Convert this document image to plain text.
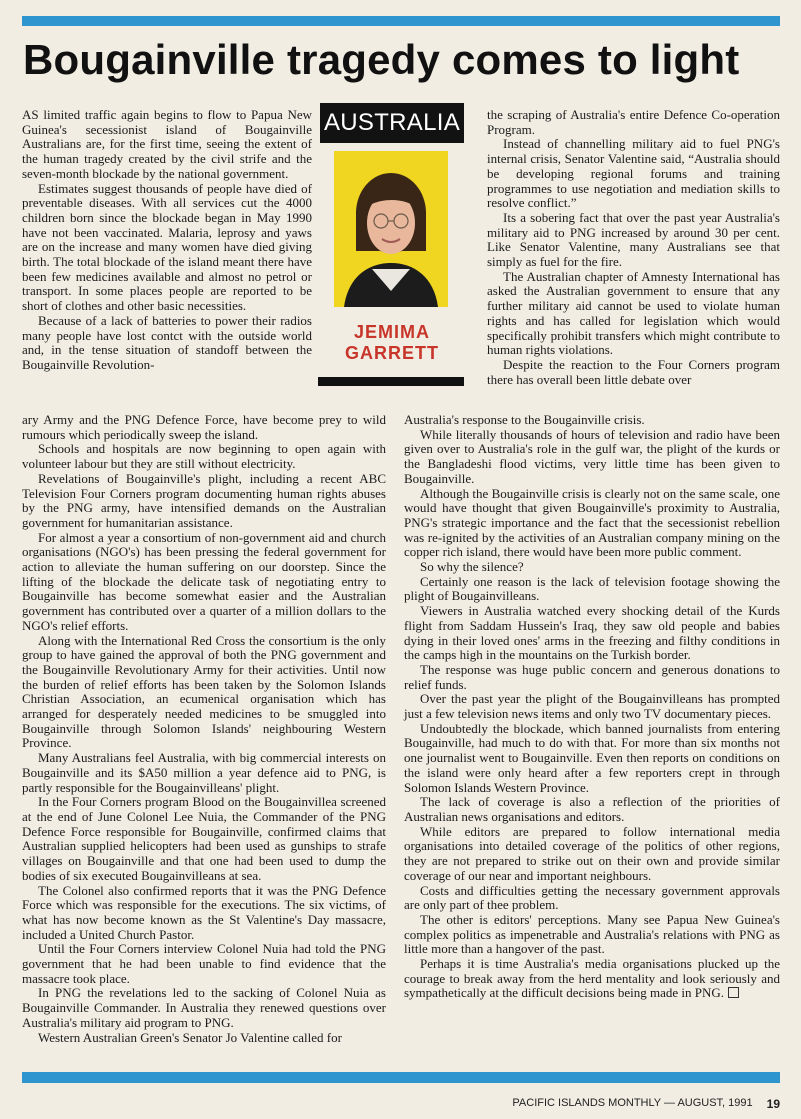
Bougainville tragedy comes to light

AS limited traffic again begins to flow to Papua New Guinea's secessionist island of Bougainville Australians are, for the first time, seeing the extent of the human tragedy created by the civil strife and the seven-month blockade by the national government.

Estimates suggest thousands of people have died of preventable diseases. With all services cut the 4000 children born since the blockade began in May 1990 have not been vaccinated. Malaria, leprosy and yaws are on the increase and many women have died giving birth. The total blockade of the island meant there have been few medicines available and almost no petrol or transport. In some places people are reported to be short of clothes and other basic necessities.

Because of a lack of batteries to power their radios many people have lost contct with the outside world and, in the tense situation of standoff between the Bougainville Revolution-

ary Army and the PNG Defence Force, have become prey to wild rumours which periodically sweep the island.

Schools and hospitals are now beginning to open again with volunteer labour but they are still without electricity.

Revelations of Bougainville's plight, including a recent ABC Television Four Corners program documenting human rights abuses by the PNG army, have intensified demands on the Australian government for humanitarian assistance.

For almost a year a consortium of non-government aid and church organisations (NGO's) has been pressing the federal government for action to alleviate the human suffering on our doorstep. Since the lifting of the blockade the delicate task of negotiating entry to Bougainville has become somewhat easier and the Australian government has contributed over a quarter of a million dollars to the NGO's relief efforts.

Along with the International Red Cross the consortium is the only group to have gained the approval of both the PNG government and the Bougainville Revolutionary Army for their activities. Until now the burden of relief efforts has been taken by the Solomon Islands Christian Association, an ecumenical organisation which has arranged for desperately needed medicines to be smuggled into Bougainville through Solomon Islands' neighbouring Western Province.

Many Australians feel Australia, with big commercial interests on Bougainville and its $A50 million a year defence aid to PNG, is partly responsible for the Bougainvilleans' plight.

In the Four Corners program Blood on the Bougainvillea screened at the end of June Colonel Lee Nuia, the Commander of the PNG Defence Force responsible for Bougainville, confirmed claims that Australian supplied helicopters had been used as gunships to strafe villages on Bougainville and that one had been used to dump the bodies of six executed Bougainvilleans at sea.

The Colonel also confirmed reports that it was the PNG Defence Force which was responsible for the executions. The six victims, of what has now become known as the St Valentine's Day massacre, included a United Church Pastor.

Until the Four Corners interview Colonel Nuia had told the PNG government that he had been unable to find evidence that the massacre took place.

In PNG the revelations led to the sacking of Colonel Nuia as Bougainville Commander. In Australia they renewed questions over Australia's military aid program to PNG.

Western Australian Green's Senator Jo Valentine called for

the scraping of Australia's entire Defence Co-operation Program.

Instead of channelling military aid to fuel PNG's internal crisis, Senator Valentine said, “Australia should be developing regional forums and training programmes to use negotiation and mediation skills to resolve conflict.”

Its a sobering fact that over the past year Australia's military aid to PNG increased by around 30 per cent. Like Senator Valentine, many Australians see that simply as fuel for the fire.

The Australian chapter of Amnesty International has asked the Australian government to ensure that any further military aid cannot be used to violate human rights and has called for legislation which would specifically prohibit transfers which might contribute to human rights violations.

Despite the reaction to the Four Corners program there has overall been little debate over

Australia's response to the Bougainville crisis.

While literally thousands of hours of television and radio have been given over to Australia's role in the gulf war, the plight of the kurds or the Bangladeshi flood victims, very little time has been given to Bougainville.

Although the Bougainville crisis is clearly not on the same scale, one would have thought that given Bougainville's proximity to Australia, PNG's strategic importance and the fact that the secessionist rebellion was re-ignited by the activities of an Australian company mining on the copper rich island, there would have been more public comment.

So why the silence?

Certainly one reason is the lack of television footage showing the plight of Bougainvilleans.

Viewers in Australia watched every shocking detail of the Kurds flight from Saddam Hussein's Iraq, they saw old people and babies dying in their loved ones' arms in the freezing and filthy conditions in the camps high in the mountains on the Turkish border.

The response was huge public concern and generous donations to relief funds.

Over the past year the plight of the Bougainvilleans has prompted just a few television news items and only two TV documentary pieces.

Undoubtedly the blockade, which banned journalists from entering Bougainville, had much to do with that. For more than six months not one journalist went to Bougainville. Even then reports on conditions on the island were only heard after a few reporters crept in through Solomon Islands Western Province.

The lack of coverage is also a reflection of the priorities of Australian news organisations and editors.

While editors are prepared to follow international media organisations into detailed coverage of the politics of other regions, they are not prepared to strike out on their own and provide similar coverage of our near and important neighbours.

Costs and difficulties getting the necessary government approvals are only part of thee problem.

The other is editors' perceptions. Many see Papua New Guinea's complex politics as impenetrable and Australia's relations with PNG as little more than a hangover of the past.

Perhaps it is time Australia's media organisations plucked up the courage to break away from the herd mentality and look seriously and sympathetically at the difficult decisions being made in PNG.

AUSTRALIA
JEMIMA
GARRETT
PACIFIC ISLANDS MONTHLY — AUGUST, 1991 19
